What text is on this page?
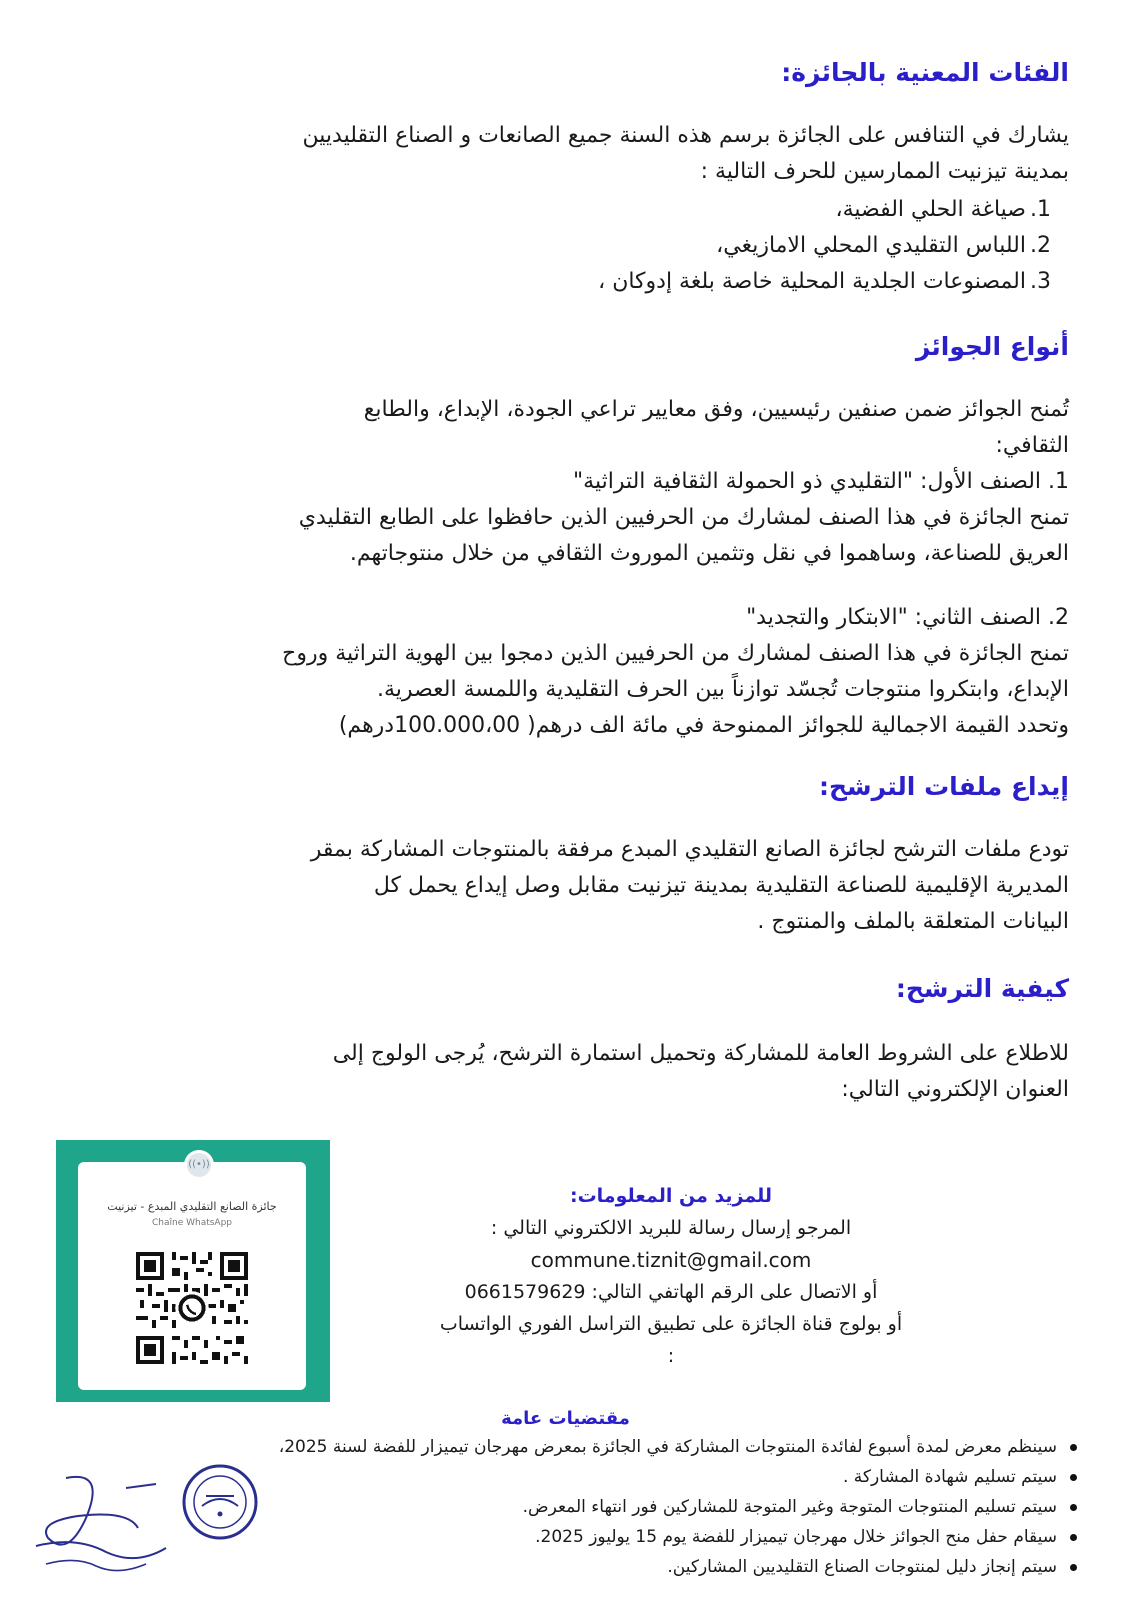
الفئات المعنية بالجائزة:

يشارك في التنافس على الجائزة برسم هذه السنة جميع الصانعات و الصناع التقليديين
بمدينة تيزنيت الممارسين للحرف التالية :

1.صياغة الحلي الفضية،
2.اللباس التقليدي المحلي الامازيغي،
3.المصنوعات الجلدية المحلية خاصة بلغة إدوكان ،
أنواع الجوائز

تُمنح الجوائز ضمن صنفين رئيسيين، وفق معايير تراعي الجودة، الإبداع، والطابع
الثقافي:
1. الصنف الأول: "التقليدي ذو الحمولة الثقافية التراثية"
تمنح الجائزة في هذا الصنف لمشارك من الحرفيين الذين حافظوا على الطابع التقليدي
العريق للصناعة، وساهموا في نقل وتثمين الموروث الثقافي من خلال منتوجاتهم.

2. الصنف الثاني: "الابتكار والتجديد"
تمنح الجائزة في هذا الصنف لمشارك من الحرفيين الذين دمجوا بين الهوية التراثية وروح
الإبداع، وابتكروا منتوجات تُجسّد توازناً بين الحرف التقليدية واللمسة العصرية.
وتحدد القيمة الاجمالية للجوائز الممنوحة في مائة الف درهم( 100.000،00درهم)

إيداع ملفات الترشح:

تودع ملفات الترشح لجائزة الصانع التقليدي المبدع مرفقة بالمنتوجات المشاركة بمقر
المديرية الإقليمية للصناعة التقليدية بمدينة تيزنيت مقابل وصل إيداع يحمل كل
البيانات المتعلقة بالملف والمنتوج .

كيفية الترشح:

للاطلاع على الشروط العامة للمشاركة وتحميل استمارة الترشح، يُرجى الولوج إلى
العنوان الإلكتروني التالي:

((•))
جائزة الصانع التقليدي المبدع - تيزنيت
Chaîne WhatsApp
للمزيد من المعلومات:
المرجو إرسال رسالة للبريد الالكتروني التالي :
commune.tiznit@gmail.com
أو الاتصال على الرقم الهاتفي التالي: 0661579629
أو بولوج قناة الجائزة على تطبيق التراسل الفوري الواتساب :
مقتضيات عامة
سينظم معرض لمدة أسبوع لفائدة المنتوجات المشاركة في الجائزة بمعرض مهرجان تيميزار للفضة لسنة 2025،
سيتم تسليم شهادة المشاركة .
سيتم تسليم المنتوجات المتوجة وغير المتوجة للمشاركين فور انتهاء المعرض.
سيقام حفل منح الجوائز خلال مهرجان تيميزار للفضة يوم 15 يوليوز 2025.
سيتم إنجاز دليل لمنتوجات الصناع التقليديين المشاركين.
